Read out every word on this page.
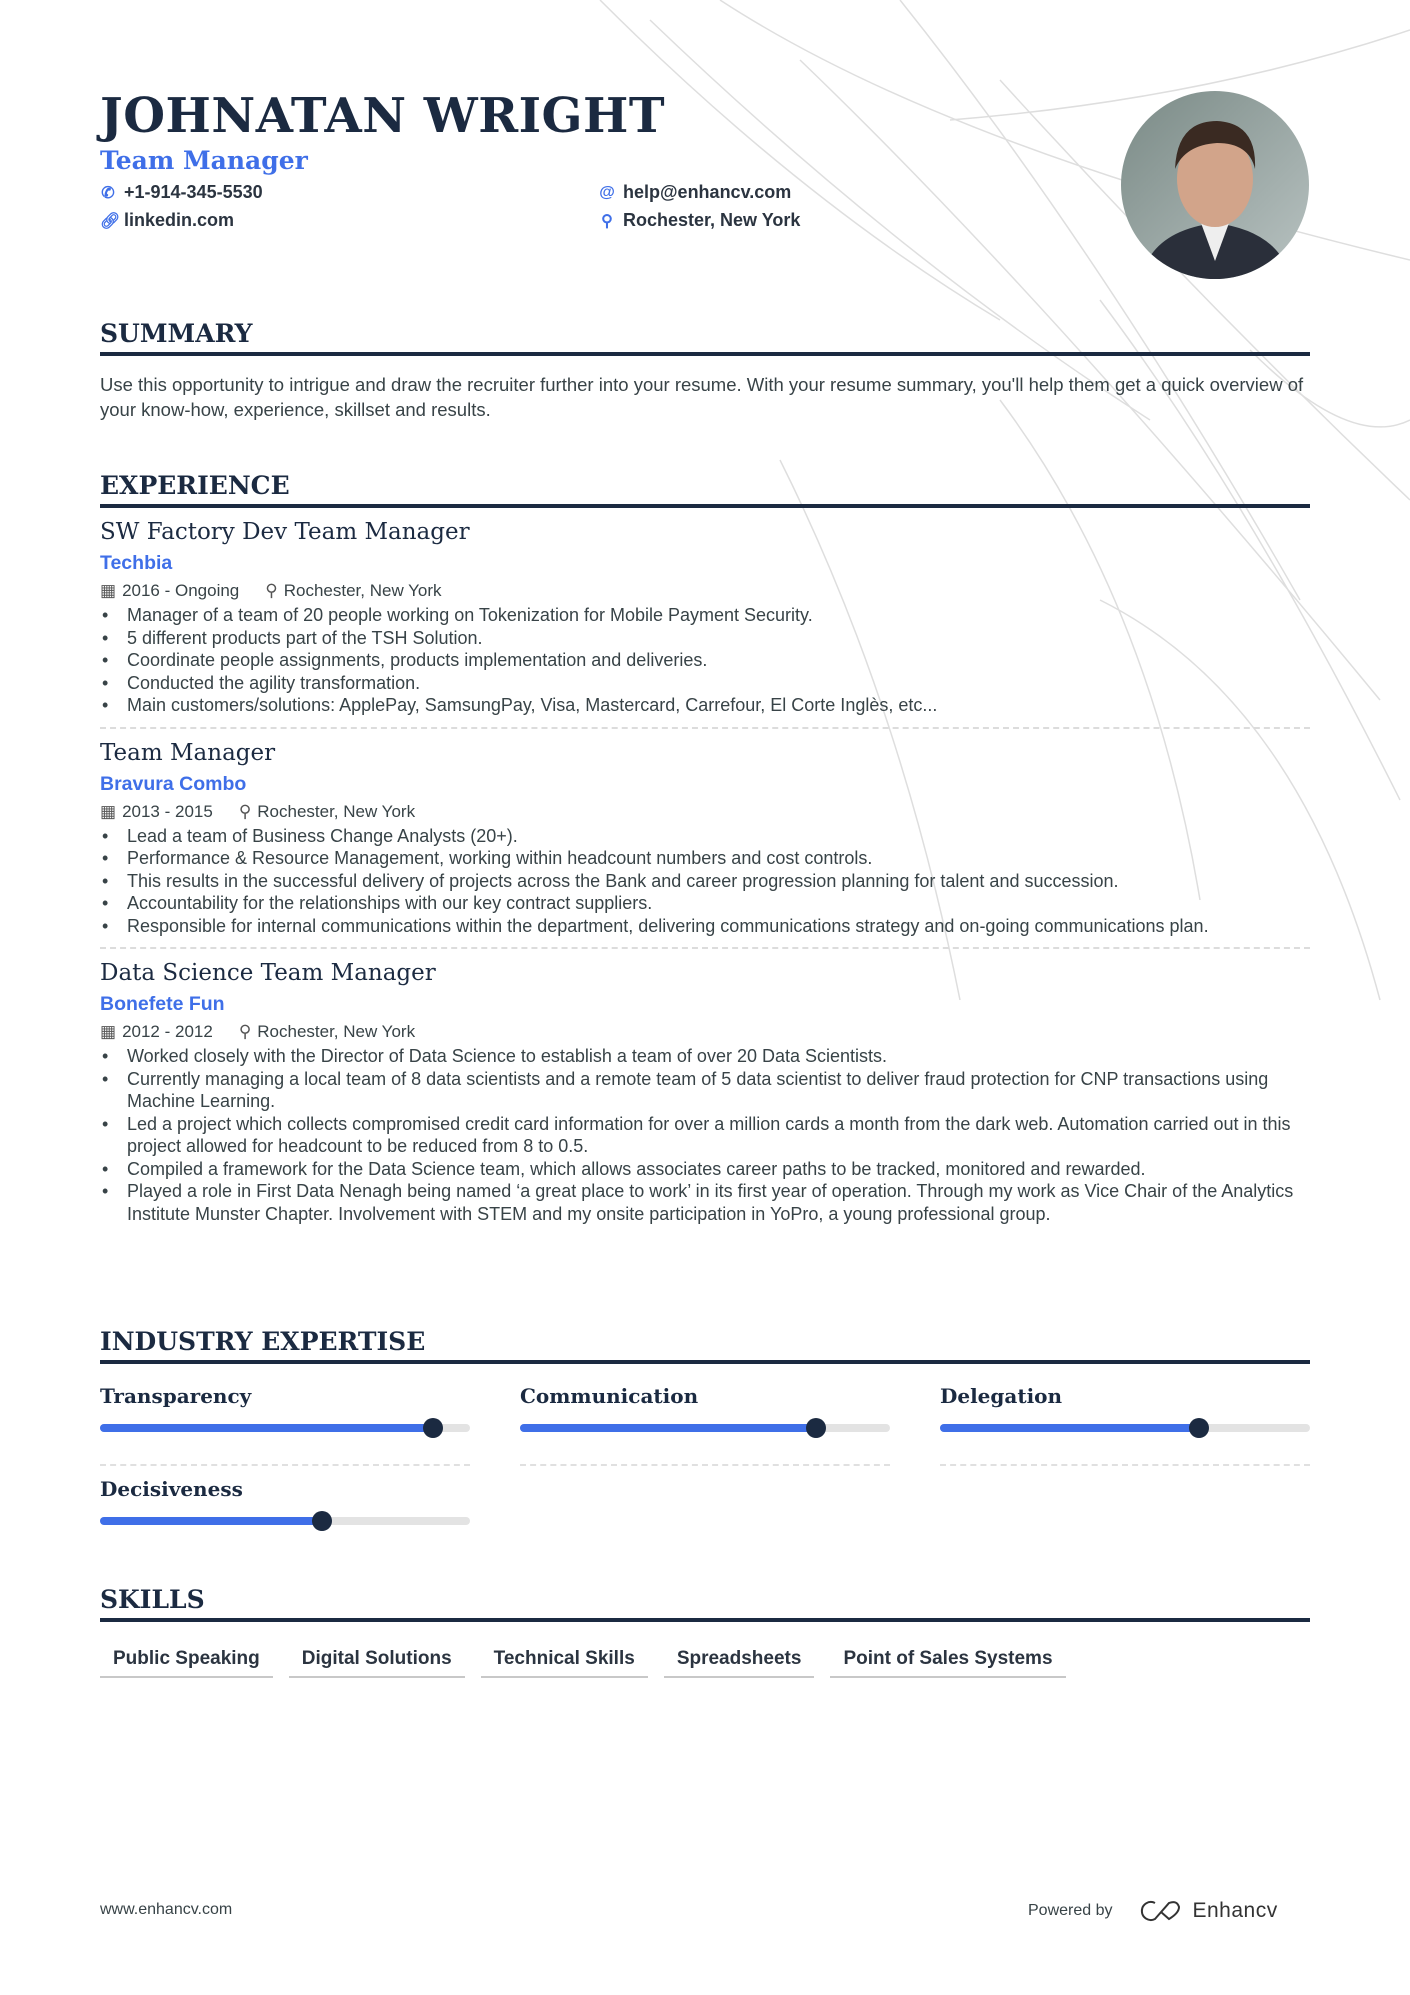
JOHNATAN WRIGHT
Team Manager
✆ +1-914-345-5530
🔗︎ linkedin.com
@ help@enhancv.com
⚲ Rochester, New York
SUMMARY

Use this opportunity to intrigue and draw the recruiter further into your resume. With your resume summary, you'll help them get a quick overview of your know-how, experience, skillset and results.

EXPERIENCE
SW Factory Dev Team Manager
Techbia
▦ 2016 - Ongoing ⚲ Rochester, New York
• Manager of a team of 20 people working on Tokenization for Mobile Payment Security.
• 5 different products part of the TSH Solution.
• Coordinate people assignments, products implementation and deliveries.
• Conducted the agility transformation.
• Main customers/solutions: ApplePay, SamsungPay, Visa, Mastercard, Carrefour, El Corte Inglès, etc...
Team Manager
Bravura Combo
▦ 2013 - 2015 ⚲ Rochester, New York
• Lead a team of Business Change Analysts (20+).
• Performance & Resource Management, working within headcount numbers and cost controls.
• This results in the successful delivery of projects across the Bank and career progression planning for talent and succession.
• Accountability for the relationships with our key contract suppliers.
• Responsible for internal communications within the department, delivering communications strategy and on-going communications plan.
Data Science Team Manager
Bonefete Fun
▦ 2012 - 2012 ⚲ Rochester, New York
• Worked closely with the Director of Data Science to establish a team of over 20 Data Scientists.
• Currently managing a local team of 8 data scientists and a remote team of 5 data scientist to deliver fraud protection for CNP transactions using Machine Learning.
• Led a project which collects compromised credit card information for over a million cards a month from the dark web. Automation carried out in this project allowed for headcount to be reduced from 8 to 0.5.
• Compiled a framework for the Data Science team, which allows associates career paths to be tracked, monitored and rewarded.
• Played a role in First Data Nenagh being named ‘a great place to work’ in its first year of operation. Through my work as Vice Chair of the Analytics Institute Munster Chapter. Involvement with STEM and my onsite participation in YoPro, a young professional group.
INDUSTRY EXPERTISE
Transparency	Communication	Delegation
Decisiveness
SKILLS
Public Speaking	Digital Solutions	Technical Skills	Spreadsheets	Point of Sales Systems
www.enhancv.com	Powered by	Enhancv
